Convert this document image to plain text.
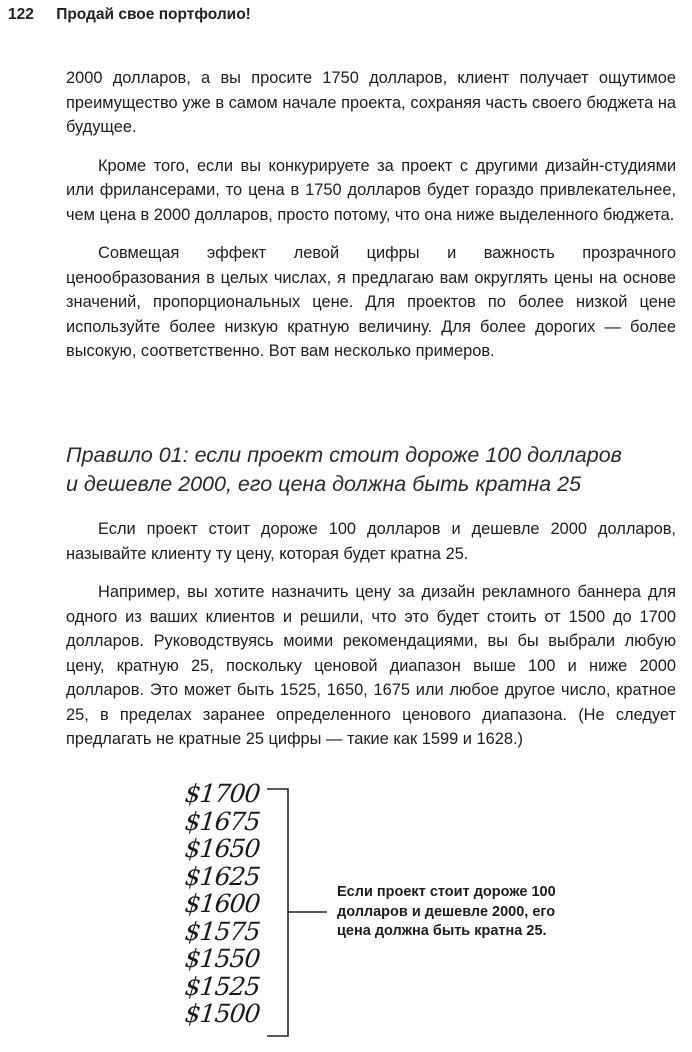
122 Продай свое портфолио!

2000 долларов, а вы просите 1750 долларов, клиент получает ощутимое преимущество уже в самом начале проекта, сохраняя часть своего бюджета на будущее.

Кроме того, если вы конкурируете за проект с другими дизайн-студиями или фрилансерами, то цена в 1750 долларов будет гораздо привлекательнее, чем цена в 2000 долларов, просто потому, что она ниже выделенного бюджета.

Совмещая эффект левой цифры и важность прозрачного ценообразования в целых числах, я предлагаю вам округлять цены на основе значений, пропорциональных цене. Для проектов по более низкой цене используйте более низкую кратную величину. Для более дорогих — более высокую, соответственно. Вот вам несколько примеров.

Правило 01: если проект стоит дороже 100 долларов
и дешевле 2000, его цена должна быть кратна 25

Если проект стоит дороже 100 долларов и дешевле 2000 долларов, называйте клиенту ту цену, которая будет кратна 25.

Например, вы хотите назначить цену за дизайн рекламного баннера для одного из ваших клиентов и решили, что это будет стоить от 1500 до 1700 долларов. Руководствуясь моими рекомендациями, вы бы выбрали любую цену, кратную 25, поскольку ценовой диапазон выше 100 и ниже 2000 долларов. Это может быть 1525, 1650, 1675 или любое другое число, кратное 25, в пределах заранее определенного ценового диапазона. (Не следует предлагать не кратные 25 цифры — такие как 1599 и 1628.)

$1700
$1675
$1650
$1625
$1600
$1575
$1550
$1525
$1500
Если проект стоит дороже 100 долларов и дешевле 2000, его цена должна быть кратна 25.
